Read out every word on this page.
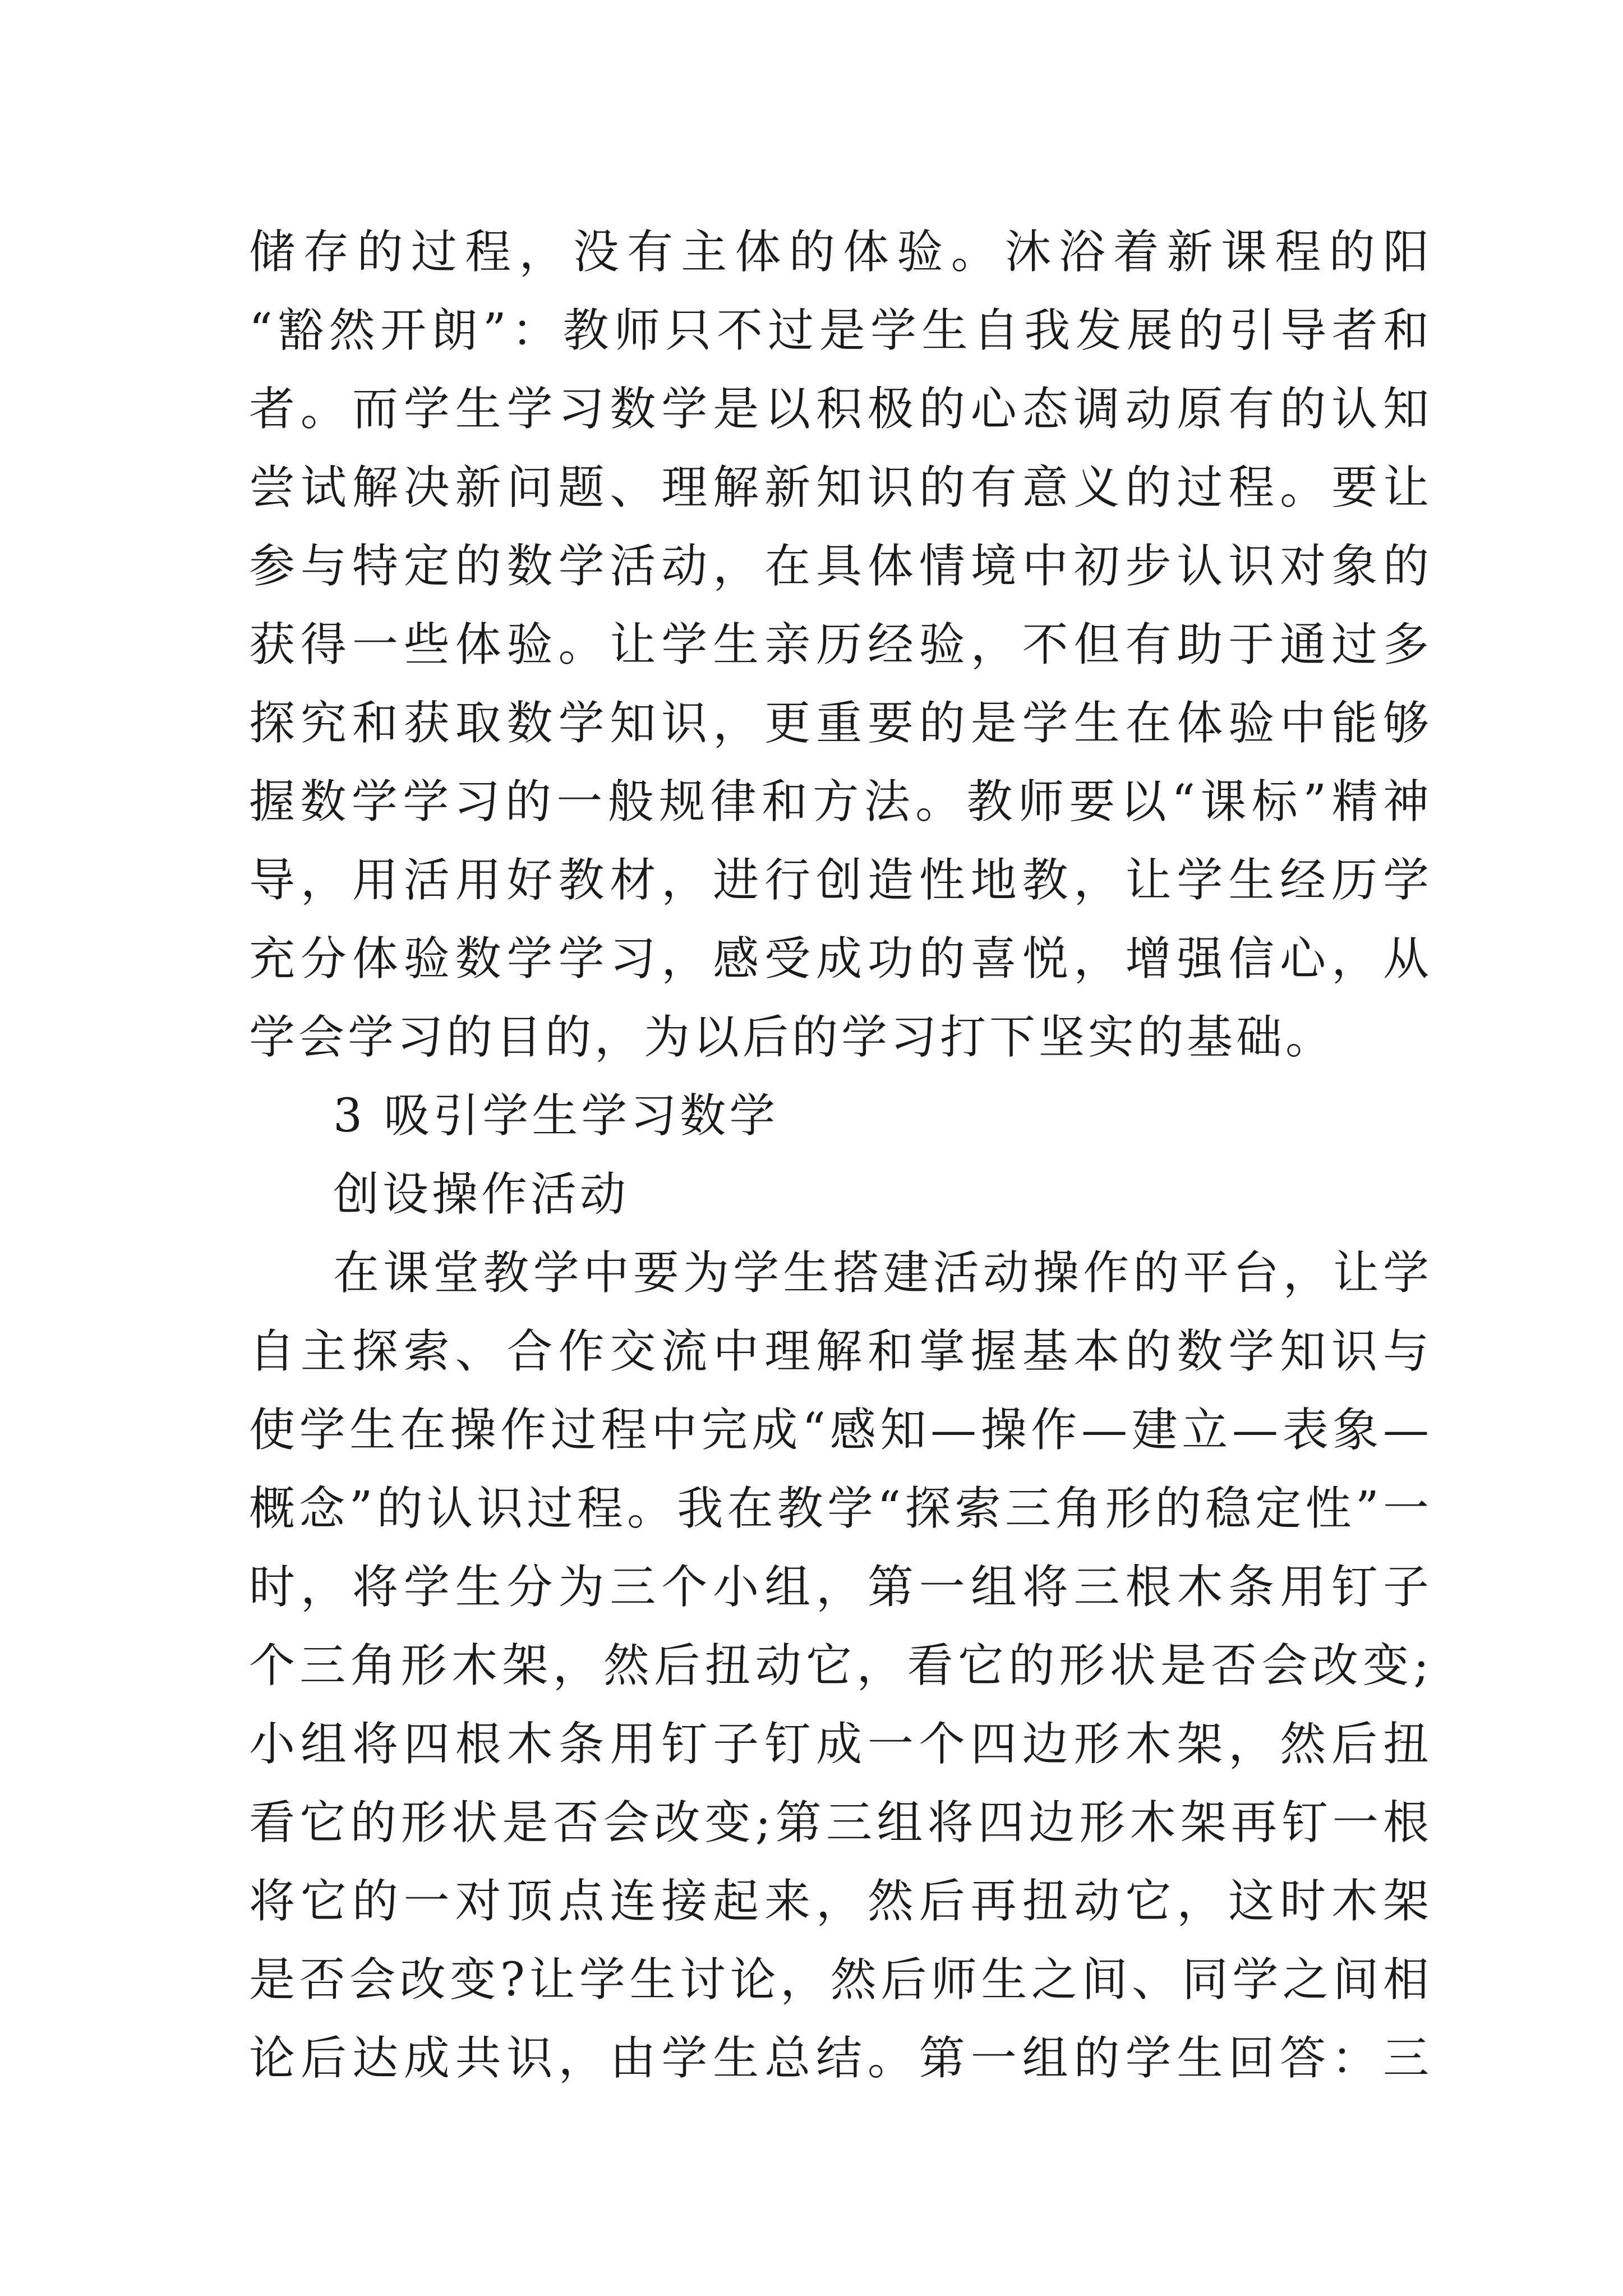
储存的过程，没有主体的体验。沐浴着新课程的阳
“豁然开朗”：教师只不过是学生自我发展的引导者和
者。而学生学习数学是以积极的心态调动原有的认知
尝试解决新问题、理解新知识的有意义的过程。要让
参与特定的数学活动，在具体情境中初步认识对象的
获得一些体验。让学生亲历经验，不但有助于通过多
探究和获取数学知识，更重要的是学生在体验中能够
握数学学习的一般规律和方法。教师要以“课标”精神
导，用活用好教材，进行创造性地教，让学生经历学
充分体验数学学习，感受成功的喜悦，增强信心，从
学会学习的目的，为以后的学习打下坚实的基础。
3 吸引学生学习数学
创设操作活动
在课堂教学中要为学生搭建活动操作的平台，让学
自主探索、合作交流中理解和掌握基本的数学知识与
使学生在操作过程中完成“感知—操作—建立—表象—
概念”的认识过程。我在教学“探索三角形的稳定性”一
时，将学生分为三个小组，第一组将三根木条用钉子
个三角形木架，然后扭动它，看它的形状是否会改变;
小组将四根木条用钉子钉成一个四边形木架，然后扭
看它的形状是否会改变;第三组将四边形木架再钉一根
将它的一对顶点连接起来，然后再扭动它，这时木架
是否会改变?让学生讨论，然后师生之间、同学之间相
论后达成共识，由学生总结。第一组的学生回答：三
